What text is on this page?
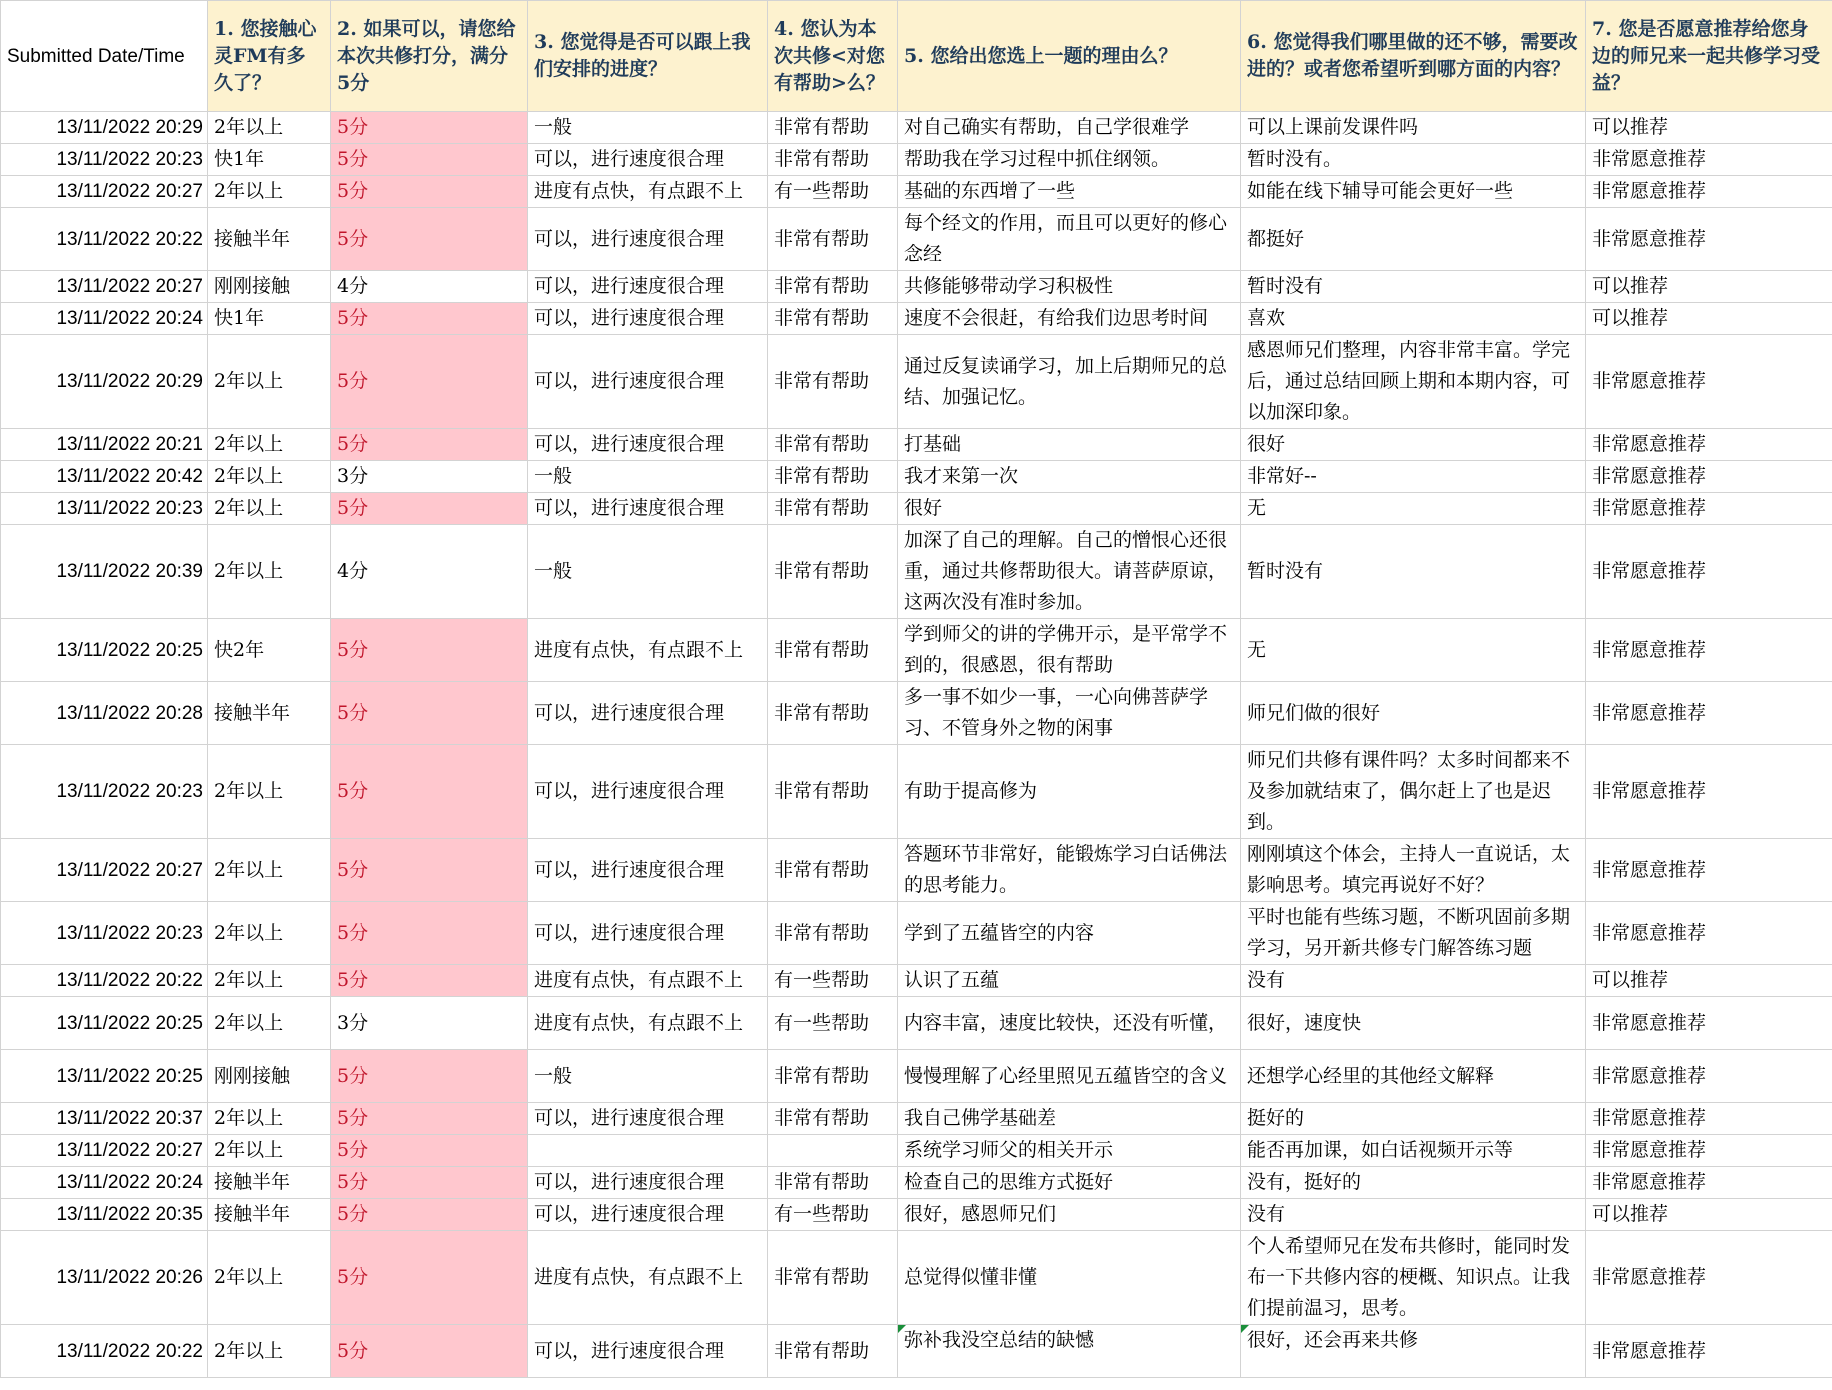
Submitted Date/Time	1. 您接触心灵FM有多久了？	2. 如果可以，请您给本次共修打分，满分5分	3. 您觉得是否可以跟上我们安排的进度？	4. 您认为本次共修<对您有帮助>么？	5. 您给出您选上一题的理由么？	6. 您觉得我们哪里做的还不够，需要改进的？或者您希望听到哪方面的内容？	7. 您是否愿意推荐给您身边的师兄来一起共修学习受益？
13/11/2022 20:29	2年以上	5分	一般	非常有帮助	对自己确实有帮助，自己学很难学	可以上课前发课件吗	可以推荐
13/11/2022 20:23	快1年	5分	可以，进行速度很合理	非常有帮助	帮助我在学习过程中抓住纲领。	暂时没有。	非常愿意推荐
13/11/2022 20:27	2年以上	5分	进度有点快，有点跟不上	有一些帮助	基础的东西增了一些	如能在线下辅导可能会更好一些	非常愿意推荐
13/11/2022 20:22	接触半年	5分	可以，进行速度很合理	非常有帮助	每个经文的作用，而且可以更好的修心念经	都挺好	非常愿意推荐
13/11/2022 20:27	刚刚接触	4分	可以，进行速度很合理	非常有帮助	共修能够带动学习积极性	暂时没有	可以推荐
13/11/2022 20:24	快1年	5分	可以，进行速度很合理	非常有帮助	速度不会很赶，有给我们边思考时间	喜欢	可以推荐
13/11/2022 20:29	2年以上	5分	可以，进行速度很合理	非常有帮助	通过反复读诵学习，加上后期师兄的总结、加强记忆。	感恩师兄们整理，内容非常丰富。学完后，通过总结回顾上期和本期内容，可以加深印象。	非常愿意推荐
13/11/2022 20:21	2年以上	5分	可以，进行速度很合理	非常有帮助	打基础	很好	非常愿意推荐
13/11/2022 20:42	2年以上	3分	一般	非常有帮助	我才来第一次	非常好--	非常愿意推荐
13/11/2022 20:23	2年以上	5分	可以，进行速度很合理	非常有帮助	很好	无	非常愿意推荐
13/11/2022 20:39	2年以上	4分	一般	非常有帮助	加深了自己的理解。自己的憎恨心还很重，通过共修帮助很大。请菩萨原谅，这两次没有准时参加。	暂时没有	非常愿意推荐
13/11/2022 20:25	快2年	5分	进度有点快，有点跟不上	非常有帮助	学到师父的讲的学佛开示，是平常学不到的，很感恩，很有帮助	无	非常愿意推荐
13/11/2022 20:28	接触半年	5分	可以，进行速度很合理	非常有帮助	多一事不如少一事，一心向佛菩萨学习、不管身外之物的闲事	师兄们做的很好	非常愿意推荐
13/11/2022 20:23	2年以上	5分	可以，进行速度很合理	非常有帮助	有助于提高修为	师兄们共修有课件吗？太多时间都来不及参加就结束了，偶尔赶上了也是迟到。	非常愿意推荐
13/11/2022 20:27	2年以上	5分	可以，进行速度很合理	非常有帮助	答题环节非常好，能锻炼学习白话佛法的思考能力。	刚刚填这个体会，主持人一直说话，太影响思考。填完再说好不好？	非常愿意推荐
13/11/2022 20:23	2年以上	5分	可以，进行速度很合理	非常有帮助	学到了五蕴皆空的内容	平时也能有些练习题，不断巩固前多期学习，另开新共修专门解答练习题	非常愿意推荐
13/11/2022 20:22	2年以上	5分	进度有点快，有点跟不上	有一些帮助	认识了五蕴	没有	可以推荐
13/11/2022 20:25	2年以上	3分	进度有点快，有点跟不上	有一些帮助	内容丰富，速度比较快，还没有听懂，	很好，速度快	非常愿意推荐
13/11/2022 20:25	刚刚接触	5分	一般	非常有帮助	慢慢理解了心经里照见五蕴皆空的含义	还想学心经里的其他经文解释	非常愿意推荐
13/11/2022 20:37	2年以上	5分	可以，进行速度很合理	非常有帮助	我自己佛学基础差	挺好的	非常愿意推荐
13/11/2022 20:27	2年以上	5分			系统学习师父的相关开示	能否再加课，如白话视频开示等	非常愿意推荐
13/11/2022 20:24	接触半年	5分	可以，进行速度很合理	非常有帮助	检查自己的思维方式挺好	没有，挺好的	非常愿意推荐
13/11/2022 20:35	接触半年	5分	可以，进行速度很合理	有一些帮助	很好，感恩师兄们	没有	可以推荐
13/11/2022 20:26	2年以上	5分	进度有点快，有点跟不上	非常有帮助	总觉得似懂非懂	个人希望师兄在发布共修时，能同时发布一下共修内容的梗概、知识点。让我们提前温习，思考。	非常愿意推荐
13/11/2022 20:22	2年以上	5分	可以，进行速度很合理	非常有帮助	弥补我没空总结的缺憾	很好，还会再来共修	非常愿意推荐
